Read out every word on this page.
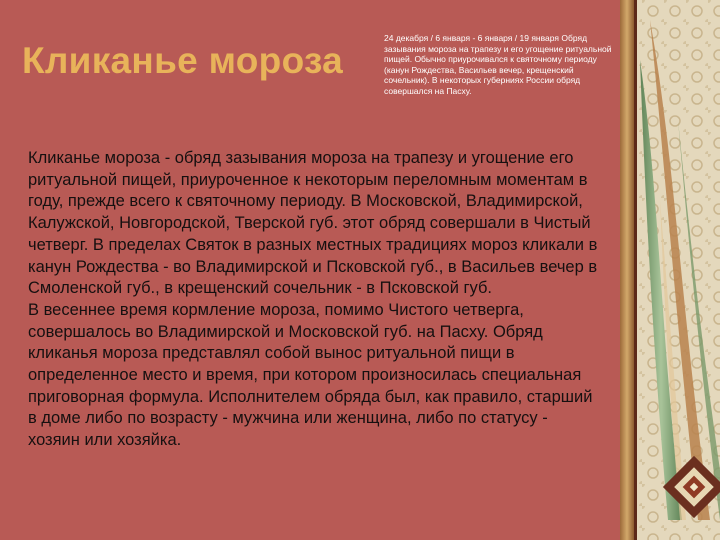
Кликанье мороза
24 декабря / 6 января - 6 января / 19 января Обряд зазывания мороза на трапезу и его угощение ритуальной пищей. Обычно приурочивался к святочному периоду (канун Рождества, Васильев вечер, крещенский сочельник). В некоторых губерниях России обряд совершался на Пасху.

Кликанье мороза - обряд зазывания мороза на трапезу и угощение его ритуальной пищей, приуроченное к некоторым переломным моментам в году, прежде всего к святочному периоду. В Московской, Владимирской, Калужской, Новгородской, Тверской губ. этот обряд совершали в Чистый четверг. В пределах Святок в разных местных традициях мороз кликали в канун Рождества - во Владимирской и Псковской губ., в Васильев вечер в Смоленской губ., в крещенский сочельник - в Псковской губ.

В весеннее время кормление мороза, помимо Чистого четверга, совершалось во Владимирской и Московской губ. на Пасху. Обряд кликанья мороза представлял собой вынос ритуальной пищи в определенное место и время, при котором произносилась специальная приговорная формула. Исполнителем обряда был, как правило, старший в доме либо по возрасту - мужчина или женщина, либо по статусу - хозяин или хозяйка.
